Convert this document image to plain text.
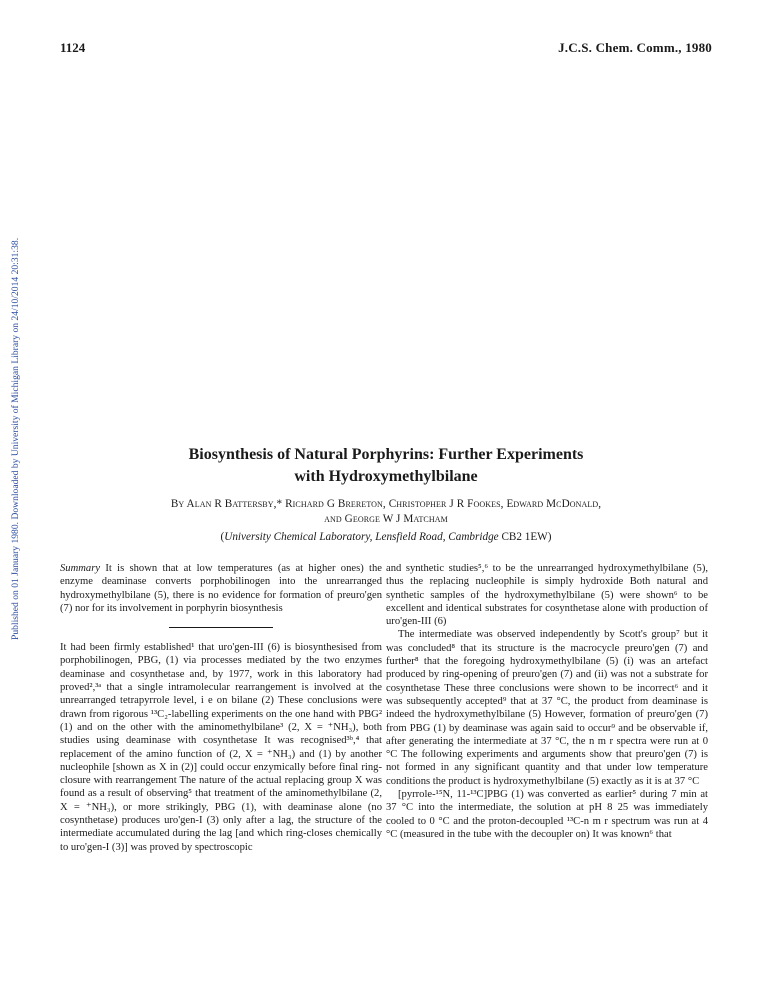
1124	J.C.S. Chem. Comm., 1980
Published on 01 January 1980. Downloaded by University of Michigan Library on 24/10/2014 20:31:38.	Biosynthesis of Natural Porphyrins: Further Experiments
with Hydroxymethylbilane
By Alan R Battersby,* Richard G Brereton, Christopher J R Fookes, Edward McDonald,
and George W J Matcham
(University Chemical Laboratory, Lensfield Road, Cambridge CB2 1EW)

Summary It is shown that at low temperatures (as at higher ones) the enzyme deaminase converts porphobilinogen into the unrearranged hydroxymethylbilane (5), there is no evidence for formation of preuro'gen (7) nor for its involvement in porphyrin biosynthesis

It had been firmly established¹ that uro'gen-III (6) is biosynthesised from porphobilinogen, PBG, (1) via processes mediated by the two enzymes deaminase and cosynthetase and, by 1977, work in this laboratory had proved²,³ᵃ that a single intramolecular rearrangement is involved at the unrearranged tetrapyrrole level, i e on bilane (2) These conclusions were drawn from rigorous ¹³C₂-labelling experiments on the one hand with PBG² (1) and on the other with the aminomethylbilane³ (2, X = ⁺NH₃), both studies using deaminase with cosynthetase It was recognised³ᵇ,⁴ that replacement of the amino function of (2, X = ⁺NH₃) and (1) by another nucleophile [shown as X in (2)] could occur enzymically before final ring-closure with rearrangement The nature of the actual replacing group X was found as a result of observing⁵ that treatment of the aminomethylbilane (2, X = ⁺NH₃), or more strikingly, PBG (1), with deaminase alone (no cosynthetase) produces uro'gen-I (3) only after a lag, the structure of the intermediate accumulated during the lag [and which ring-closes chemically to uro'gen-I (3)] was proved by spectroscopic

and synthetic studies⁵,⁶ to be the unrearranged hydroxymethylbilane (5), thus the replacing nucleophile is simply hydroxide Both natural and synthetic samples of the hydroxymethylbilane (5) were shown⁶ to be excellent and identical substrates for cosynthetase alone with production of uro'gen-III (6)

The intermediate was observed independently by Scott's group⁷ but it was concluded⁸ that its structure is the macrocycle preuro'gen (7) and further⁸ that the foregoing hydroxymethylbilane (5) (i) was an artefact produced by ring-opening of preuro'gen (7) and (ii) was not a substrate for cosynthetase These three conclusions were shown to be incorrect⁶ and it was subsequently accepted⁹ that at 37 °C, the product from deaminase is indeed the hydroxymethylbilane (5) However, formation of preuro'gen (7) from PBG (1) by deaminase was again said to occur⁹ and be observable if, after generating the intermediate at 37 °C, the n m r spectra were run at 0 °C The following experiments and arguments show that preuro'gen (7) is not formed in any significant quantity and that under low temperature conditions the product is hydroxymethylbilane (5) exactly as it is at 37 °C

[pyrrole-¹⁵N, 11-¹³C]PBG (1) was converted as earlier⁵ during 7 min at 37 °C into the intermediate, the solution at pH 8 25 was immediately cooled to 0 °C and the proton-decoupled ¹³C-n m r spectrum was run at 4 °C (measured in the tube with the decoupler on) It was known⁶ that
